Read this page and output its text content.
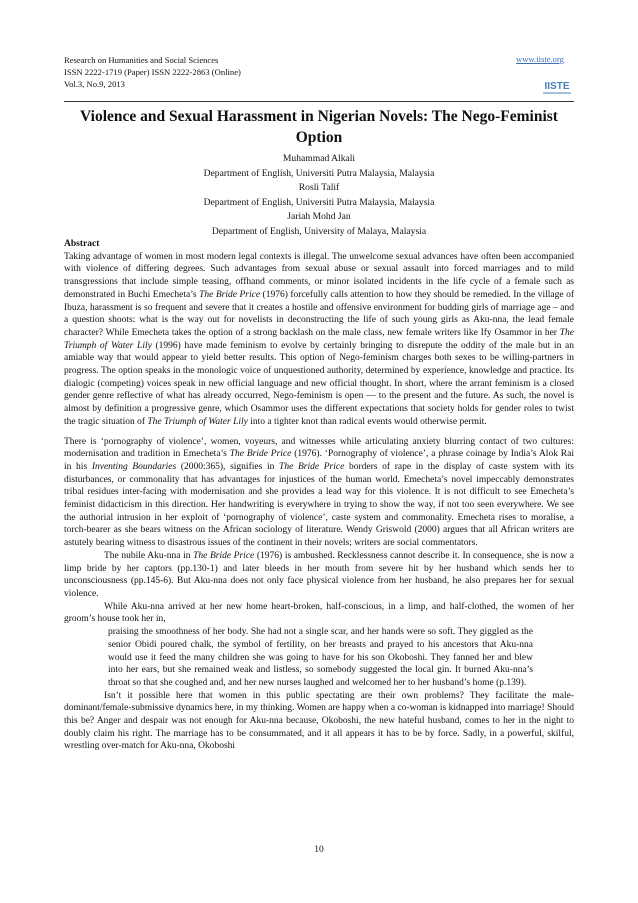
Research on Humanities and Social Sciences
ISSN 2222-1719 (Paper) ISSN 2222-2863 (Online)
Vol.3, No.9, 2013
www.iiste.org
IISTE
Violence and Sexual Harassment in Nigerian Novels: The Nego-Feminist Option
Muhammad Alkali
Department of English, Universiti Putra Malaysia, Malaysia
Rosli Talif
Department of English, Universiti Putra Malaysia, Malaysia
Jariah Mohd Jan
Department of English, University of Malaya, Malaysia

Abstract

Taking advantage of women in most modern legal contexts is illegal. The unwelcome sexual advances have often been accompanied with violence of differing degrees. Such advantages from sexual abuse or sexual assault into forced marriages and to mild transgressions that include simple teasing, offhand comments, or minor isolated incidents in the life cycle of a female such as demonstrated in Buchi Emecheta’s The Bride Price (1976) forcefully calls attention to how they should be remedied. In the village of Ibuza, harassment is so frequent and severe that it creates a hostile and offensive environment for budding girls of marriage age – and a question shoots: what is the way out for novelists in deconstructing the life of such young girls as Aku-nna, the lead female character? While Emecheta takes the option of a strong backlash on the male class, new female writers like Ify Osammor in her The Triumph of Water Lily (1996) have made feminism to evolve by certainly bringing to disrepute the oddity of the male but in an amiable way that would appear to yield better results. This option of Nego-feminism charges both sexes to be willing-partners in progress. The option speaks in the monologic voice of unquestioned authority, determined by experience, knowledge and practice. Its dialogic (competing) voices speak in new official language and new official thought. In short, where the arrant feminism is a closed gender genre reflective of what has already occurred, Nego-feminism is open — to the present and the future. As such, the novel is almost by definition a progressive genre, which Osammor uses the different expectations that society holds for gender roles to twist the tragic situation of The Triumph of Water Lily into a tighter knot than radical events would otherwise permit.

There is ‘pornography of violence’, women, voyeurs, and witnesses while articulating anxiety blurring contact of two cultures: modernisation and tradition in Emecheta’s The Bride Price (1976). ‘Pornography of violence’, a phrase coinage by India’s Alok Rai in his Inventing Boundaries (2000:365), signifies in The Bride Price borders of rape in the display of caste system with its disturbances, or commonality that has advantages for injustices of the human world. Emecheta’s novel impeccably demonstrates tribal residues inter-facing with modernisation and she provides a lead way for this violence. It is not difficult to see Emecheta’s feminist didacticism in this direction. Her handwriting is everywhere in trying to show the way, if not too seen everywhere. We see the authorial intrusion in her exploit of ‘pornography of violence’, caste system and commonality. Emecheta rises to moralise, a torch-bearer as she bears witness on the African sociology of literature. Wendy Griswold (2000) argues that all African writers are astutely bearing witness to disastrous issues of the continent in their novels; writers are social commentators.

The nubile Aku-nna in The Bride Price (1976) is ambushed. Recklessness cannot describe it. In consequence, she is now a limp bride by her captors (pp.130-1) and later bleeds in her mouth from severe hit by her husband which sends her to unconsciousness (pp.145-6). But Aku-nna does not only face physical violence from her husband, he also prepares her for sexual violence.

While Aku-nna arrived at her new home heart-broken, half-conscious, in a limp, and half-clothed, the women of her groom’s house took her in,

praising the smoothness of her body. She had not a single scar, and her hands were so soft. They giggled as the senior Obidi poured chalk, the symbol of fertility, on her breasts and prayed to his ancestors that Aku-nna would use it feed the many children she was going to have for his son Okoboshi. They fanned her and blew into her ears, but she remained weak and listless, so somebody suggested the local gin. It burned Aku-nna’s throat so that she coughed and, and her new nurses laughed and welcomed her to her husband’s home (p.139).

Isn’t it possible here that women in this public spectating are their own problems? They facilitate the male-dominant/female-submissive dynamics here, in my thinking. Women are happy when a co-woman is kidnapped into marriage! Should this be? Anger and despair was not enough for Aku-nna because, Okoboshi, the new hateful husband, comes to her in the night to doubly claim his right. The marriage has to be consummated, and it all appears it has to be by force. Sadly, in a powerful, skilful, wrestling over-match for Aku-nna, Okoboshi

10
